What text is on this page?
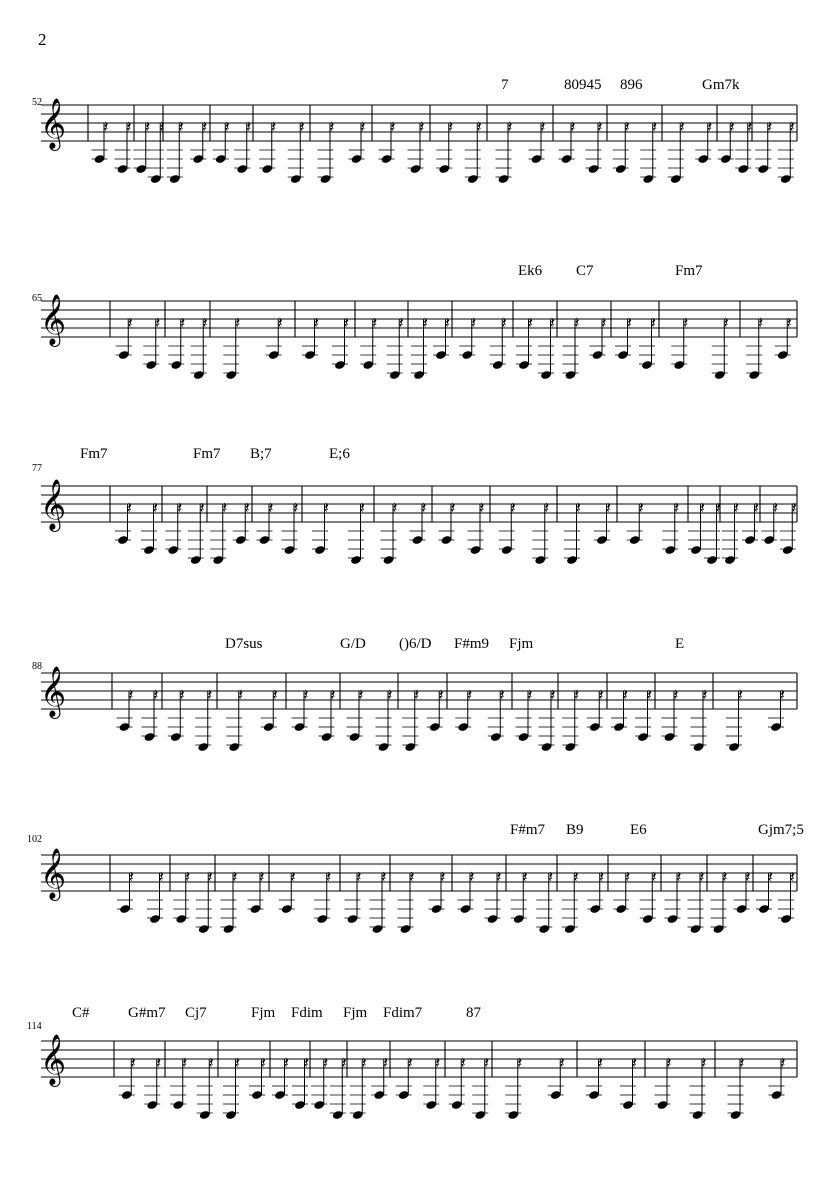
2
𝄞 𝄽 𝄽 𝄽 𝄽 𝄽 𝄽 𝄽 𝄽 𝄽 𝄽 𝄽 𝄽 𝄽 𝄽 𝄽 𝄽 𝄽 𝄽 𝄽 𝄽 𝄽 𝄽 𝄽 𝄽 𝄽 𝄽 𝄽 𝄽
52
7	80945 896	Gm7k
𝄞	𝄽 𝄽 𝄽 𝄽 𝄽 𝄽 𝄽 𝄽 𝄽 𝄽 𝄽 𝄽 𝄽 𝄽 𝄽 𝄽 𝄽 𝄽 𝄽 𝄽 𝄽 𝄽 𝄽 𝄽
65
Ek6 C7	Fm7
𝄞	𝄽 𝄽 𝄽 𝄽 𝄽 𝄽 𝄽 𝄽 𝄽 𝄽 𝄽 𝄽 𝄽 𝄽 𝄽 𝄽 𝄽 𝄽 𝄽 𝄽 𝄽 𝄽 𝄽 𝄽 𝄽 𝄽
77
Fm7	Fm7 B;7	E;6
𝄞	𝄽 𝄽 𝄽 𝄽 𝄽 𝄽 𝄽 𝄽 𝄽 𝄽 𝄽 𝄽 𝄽 𝄽 𝄽 𝄽 𝄽 𝄽 𝄽 𝄽 𝄽 𝄽 𝄽 𝄽
88
D7sus	G/D ()6/D F#m9 Fjm	E
𝄞	𝄽 𝄽 𝄽 𝄽 𝄽 𝄽 𝄽 𝄽 𝄽 𝄽 𝄽 𝄽 𝄽 𝄽 𝄽 𝄽 𝄽 𝄽 𝄽 𝄽 𝄽 𝄽 𝄽 𝄽 𝄽 𝄽
102
F#m7 B9	E6	Gjm7;5
𝄞	𝄽 𝄽 𝄽 𝄽 𝄽 𝄽 𝄽 𝄽 𝄽 𝄽 𝄽 𝄽 𝄽 𝄽 𝄽 𝄽 𝄽 𝄽 𝄽 𝄽 𝄽 𝄽 𝄽 𝄽
114
C#	G#m7 Cj7	Fjm Fdim Fjm Fdim7	87
